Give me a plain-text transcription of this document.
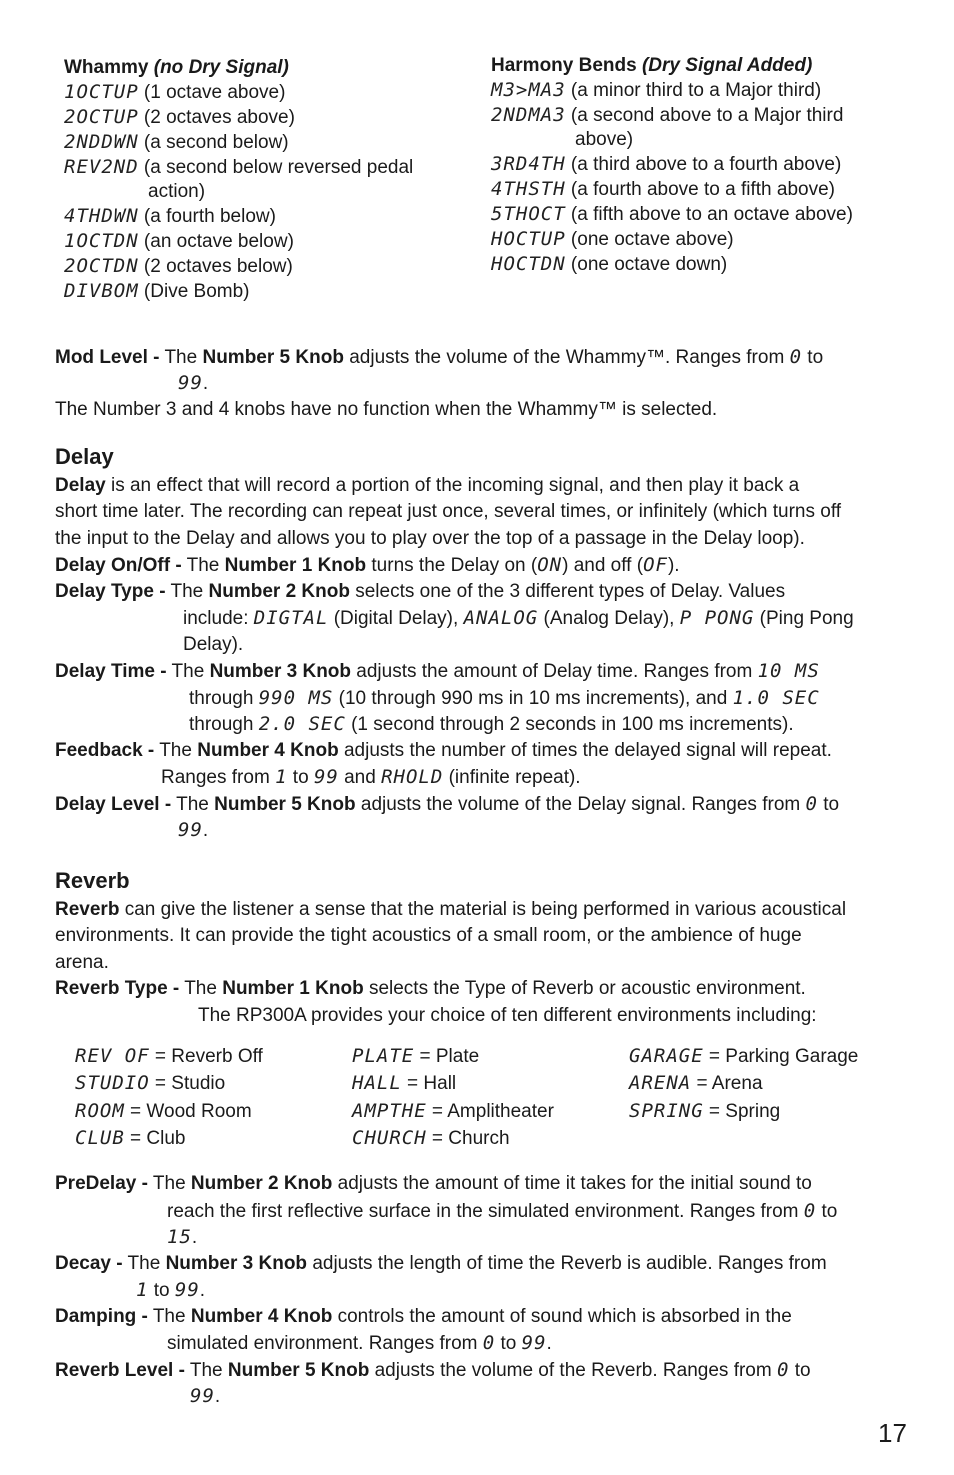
Whammy (no Dry Signal)
1OCTUP (1 octave above)
2OCTUP (2 octaves above)
2NDDWN (a second below)
REV2ND (a second below reversed pedal
action)
4THDWN (a fourth below)
1OCTDN (an octave below)
2OCTDN (2 octaves below)
DIVBOM (Dive Bomb)
Harmony Bends (Dry Signal Added)
M3>MA3 (a minor third to a Major third)
2NDMA3 (a second above to a Major third
above)
3RD4TH (a third above to a fourth above)
4THSTH (a fourth above to a fifth above)
5THOCT (a fifth above to an octave above)
HOCTUP (one octave above)
HOCTDN (one octave down)
Mod Level - The Number 5 Knob adjusts the volume of the Whammy™. Ranges from 0 to
99.
The Number 3 and 4 knobs have no function when the Whammy™ is selected.
Delay
Delay is an effect that will record a portion of the incoming signal, and then play it back a
short time later. The recording can repeat just once, several times, or infinitely (which turns off
the input to the Delay and allows you to play over the top of a passage in the Delay loop).
Delay On/Off - The Number 1 Knob turns the Delay on (ON) and off (OF).
Delay Type - The Number 2 Knob selects one of the 3 different types of Delay. Values
include: DIGTAL (Digital Delay), ANALOG (Analog Delay), P PONG (Ping Pong
Delay).
Delay Time - The Number 3 Knob adjusts the amount of Delay time. Ranges from 10 MS
through 990 MS (10 through 990 ms in 10 ms increments), and 1.0 SEC
through 2.0 SEC (1 second through 2 seconds in 100 ms increments).
Feedback - The Number 4 Knob adjusts the number of times the delayed signal will repeat.
Ranges from 1 to 99 and RHOLD (infinite repeat).
Delay Level - The Number 5 Knob adjusts the volume of the Delay signal. Ranges from 0 to
99.
Reverb
Reverb can give the listener a sense that the material is being performed in various acoustical
environments. It can provide the tight acoustics of a small room, or the ambience of huge
arena.
Reverb Type - The Number 1 Knob selects the Type of Reverb or acoustic environment.
The RP300A provides your choice of ten different environments including:
REV OF = Reverb Off
STUDIO = Studio
ROOM = Wood Room
CLUB = Club
PLATE = Plate
HALL = Hall
AMPTHE = Amplitheater
CHURCH = Church
GARAGE = Parking Garage
ARENA = Arena
SPRING = Spring
PreDelay - The Number 2 Knob adjusts the amount of time it takes for the initial sound to
reach the first reflective surface in the simulated environment. Ranges from 0 to
15.
Decay - The Number 3 Knob adjusts the length of time the Reverb is audible. Ranges from
1 to 99.
Damping - The Number 4 Knob controls the amount of sound which is absorbed in the
simulated environment. Ranges from 0 to 99.
Reverb Level - The Number 5 Knob adjusts the volume of the Reverb. Ranges from 0 to
99.
17
